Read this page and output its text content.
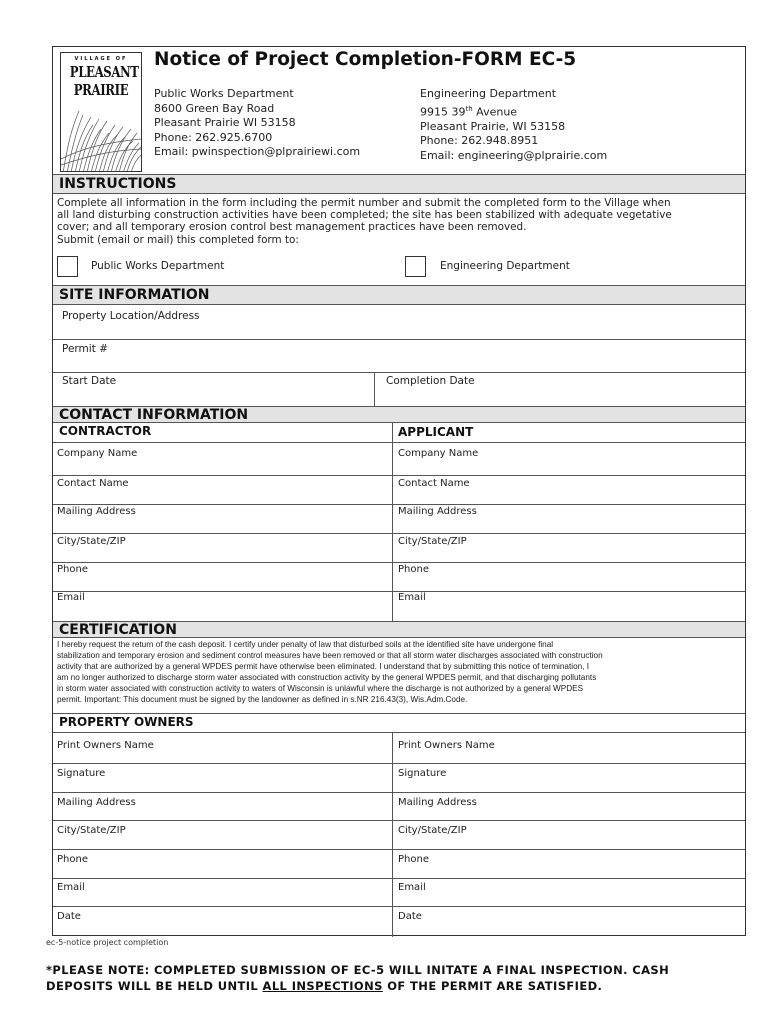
VILLAGE OF
PLEASANT
PRAIRIE
Notice of Project Completion-FORM EC-5
Public Works Department
8600 Green Bay Road
Pleasant Prairie WI 53158
Phone: 262.925.6700
Email: pwinspection@plprairiewi.com
Engineering Department
9915 39th Avenue
Pleasant Prairie, WI 53158
Phone: 262.948.8951
Email: engineering@plprairie.com
INSTRUCTIONS
Complete all information in the form including the permit number and submit the completed form to the Village when
all land disturbing construction activities have been completed; the site has been stabilized with adequate vegetative
cover; and all temporary erosion control best management practices have been removed.
Submit (email or mail) this completed form to:
Public Works Department	Engineering Department
SITE INFORMATION
Property Location/Address
Permit #
Start Date	Completion Date
CONTACT INFORMATION
CONTRACTOR	APPLICANT
Company Name	Company Name
Contact Name	Contact Name
Mailing Address	Mailing Address
City/State/ZIP	City/State/ZIP
Phone	Phone
Email	Email
CERTIFICATION
I hereby request the return of the cash deposit. I certify under penalty of law that disturbed soils at the identified site have undergone final
stabilization and temporary erosion and sediment control measures have been removed or that all storm water discharges associated with construction
activity that are authorized by a general WPDES permit have otherwise been eliminated. I understand that by submitting this notice of termination, I
am no longer authorized to discharge storm water associated with construction activity by the general WPDES permit, and that discharging pollutants
in storm water associated with construction activity to waters of Wisconsin is unlawful where the discharge is not authorized by a general WPDES
permit. Important: This document must be signed by the landowner as defined in s.NR 216.43(3), Wis.Adm.Code.
PROPERTY OWNERS
Print Owners Name	Print Owners Name
Signature	Signature
Mailing Address	Mailing Address
City/State/ZIP	City/State/ZIP
Phone	Phone
Email	Email
Date	Date
ec-5-notice project completion
*PLEASE NOTE: COMPLETED SUBMISSION OF EC-5 WILL INITATE A FINAL INSPECTION. CASH
DEPOSITS WILL BE HELD UNTIL ALL INSPECTIONS OF THE PERMIT ARE SATISFIED.
